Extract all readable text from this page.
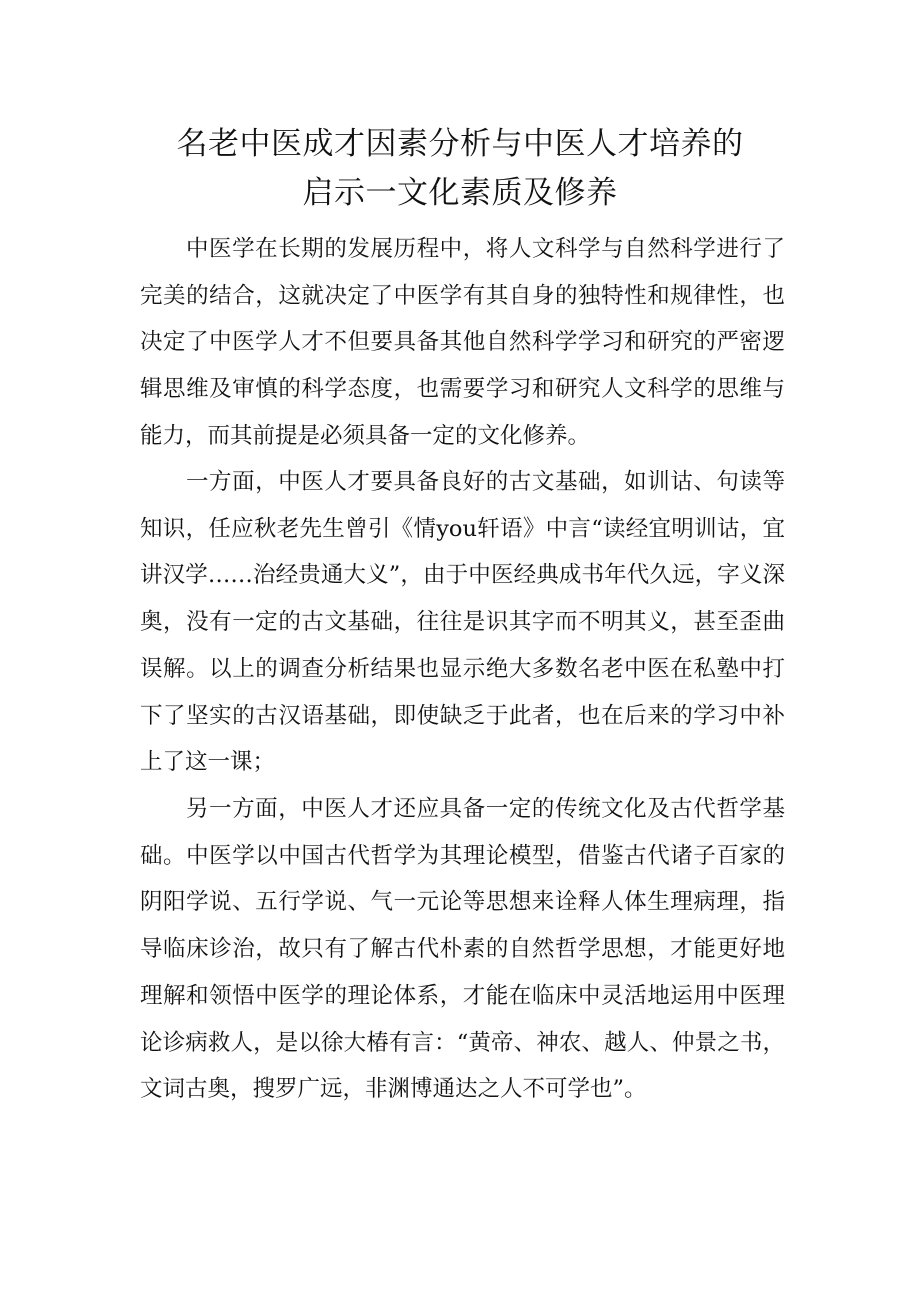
名老中医成才因素分析与中医人才培养的
启示一文化素质及修养

中医学在长期的发展历程中，将人文科学与自然科学进行了完美的结合，这就决定了中医学有其自身的独特性和规律性，也决定了中医学人才不但要具备其他自然科学学习和研究的严密逻辑思维及审慎的科学态度，也需要学习和研究人文科学的思维与能力，而其前提是必须具备一定的文化修养。

一方面，中医人才要具备良好的古文基础，如训诂、句读等知识，任应秋老先生曾引《情you轩语》中言“读经宜明训诂，宜讲汉学……治经贵通大义”，由于中医经典成书年代久远，字义深奥，没有一定的古文基础，往往是识其字而不明其义，甚至歪曲误解。以上的调查分析结果也显示绝大多数名老中医在私塾中打下了坚实的古汉语基础，即使缺乏于此者，也在后来的学习中补上了这一课；

另一方面，中医人才还应具备一定的传统文化及古代哲学基础。中医学以中国古代哲学为其理论模型，借鉴古代诸子百家的阴阳学说、五行学说、气一元论等思想来诠释人体生理病理，指导临床诊治，故只有了解古代朴素的自然哲学思想，才能更好地理解和领悟中医学的理论体系，才能在临床中灵活地运用中医理论诊病救人，是以徐大椿有言：“黄帝、神农、越人、仲景之书，文词古奥，搜罗广远，非渊博通达之人不可学也”。
